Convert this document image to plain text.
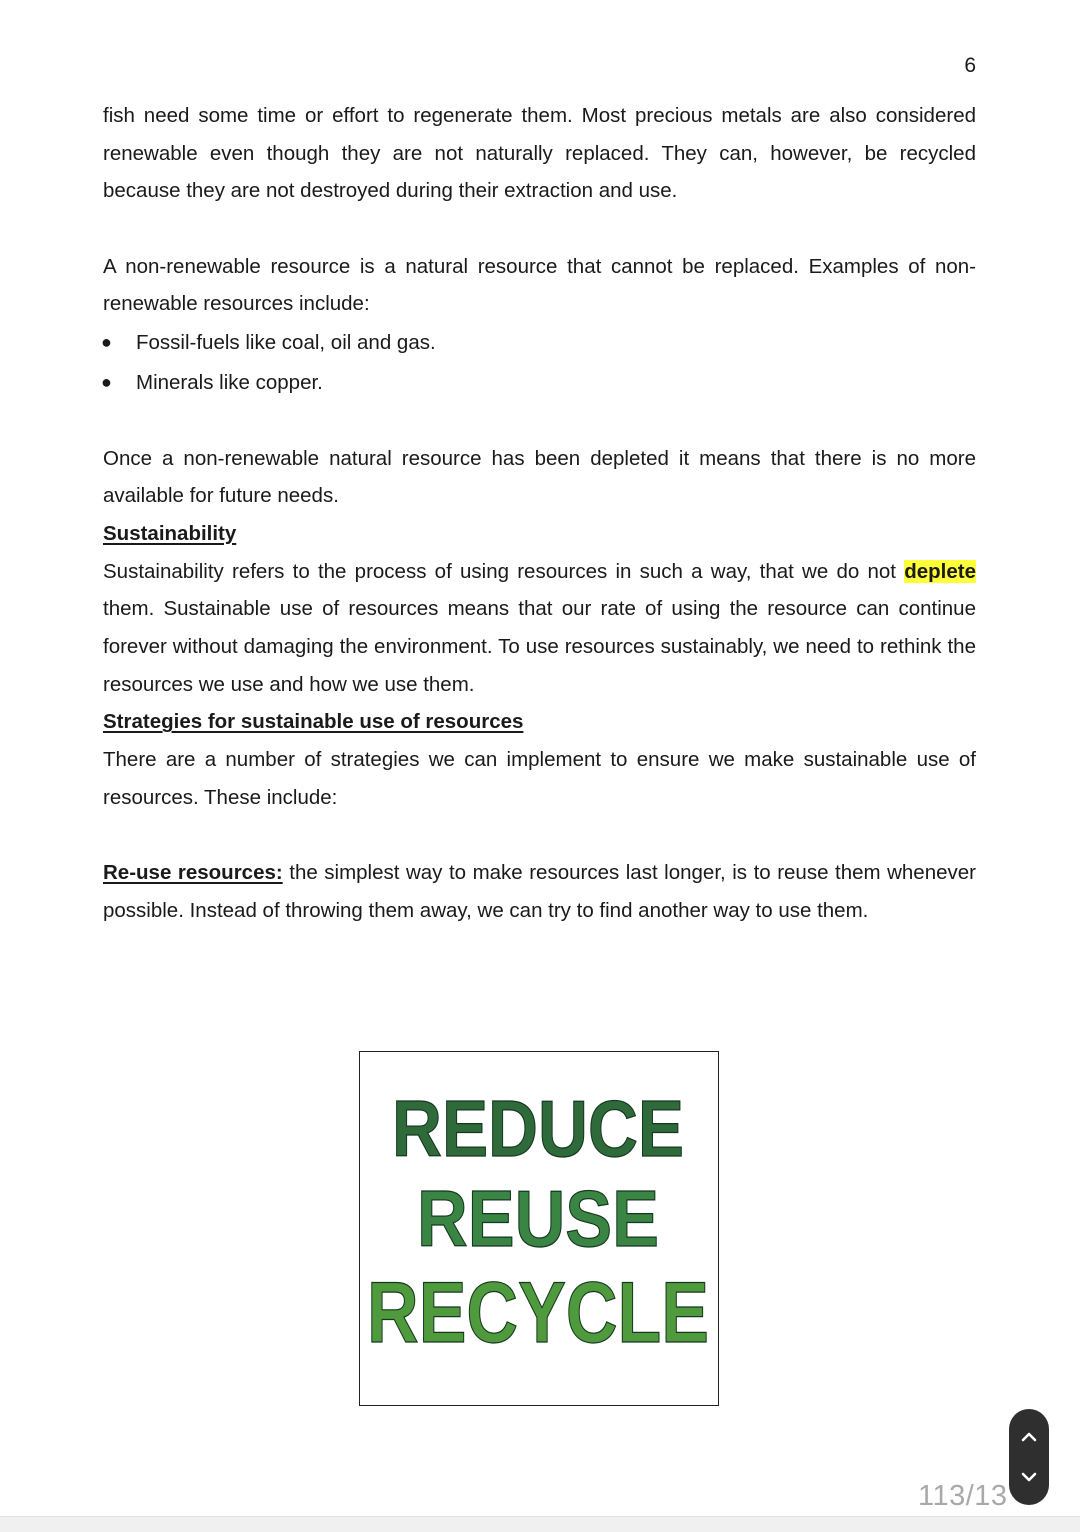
6

fish need some time or effort to regenerate them. Most precious metals are also considered renewable even though they are not naturally replaced. They can, however, be recycled because they are not destroyed during their extraction and use.

A non-renewable resource is a natural resource that cannot be replaced. Examples of non-renewable resources include:

● Fossil-fuels like coal, oil and gas.
● Minerals like copper.

Once a non-renewable natural resource has been depleted it means that there is no more available for future needs.

Sustainability

Sustainability refers to the process of using resources in such a way, that we do not deplete them. Sustainable use of resources means that our rate of using the resource can continue forever without damaging the environment. To use resources sustainably, we need to rethink the resources we use and how we use them.

Strategies for sustainable use of resources

There are a number of strategies we can implement to ensure we make sustainable use of resources. These include:

Re-use resources: the simplest way to make resources last longer, is to reuse them whenever possible. Instead of throwing them away, we can try to find another way to use them.

REDUCE
REUSE
RECYCLE
113/13
